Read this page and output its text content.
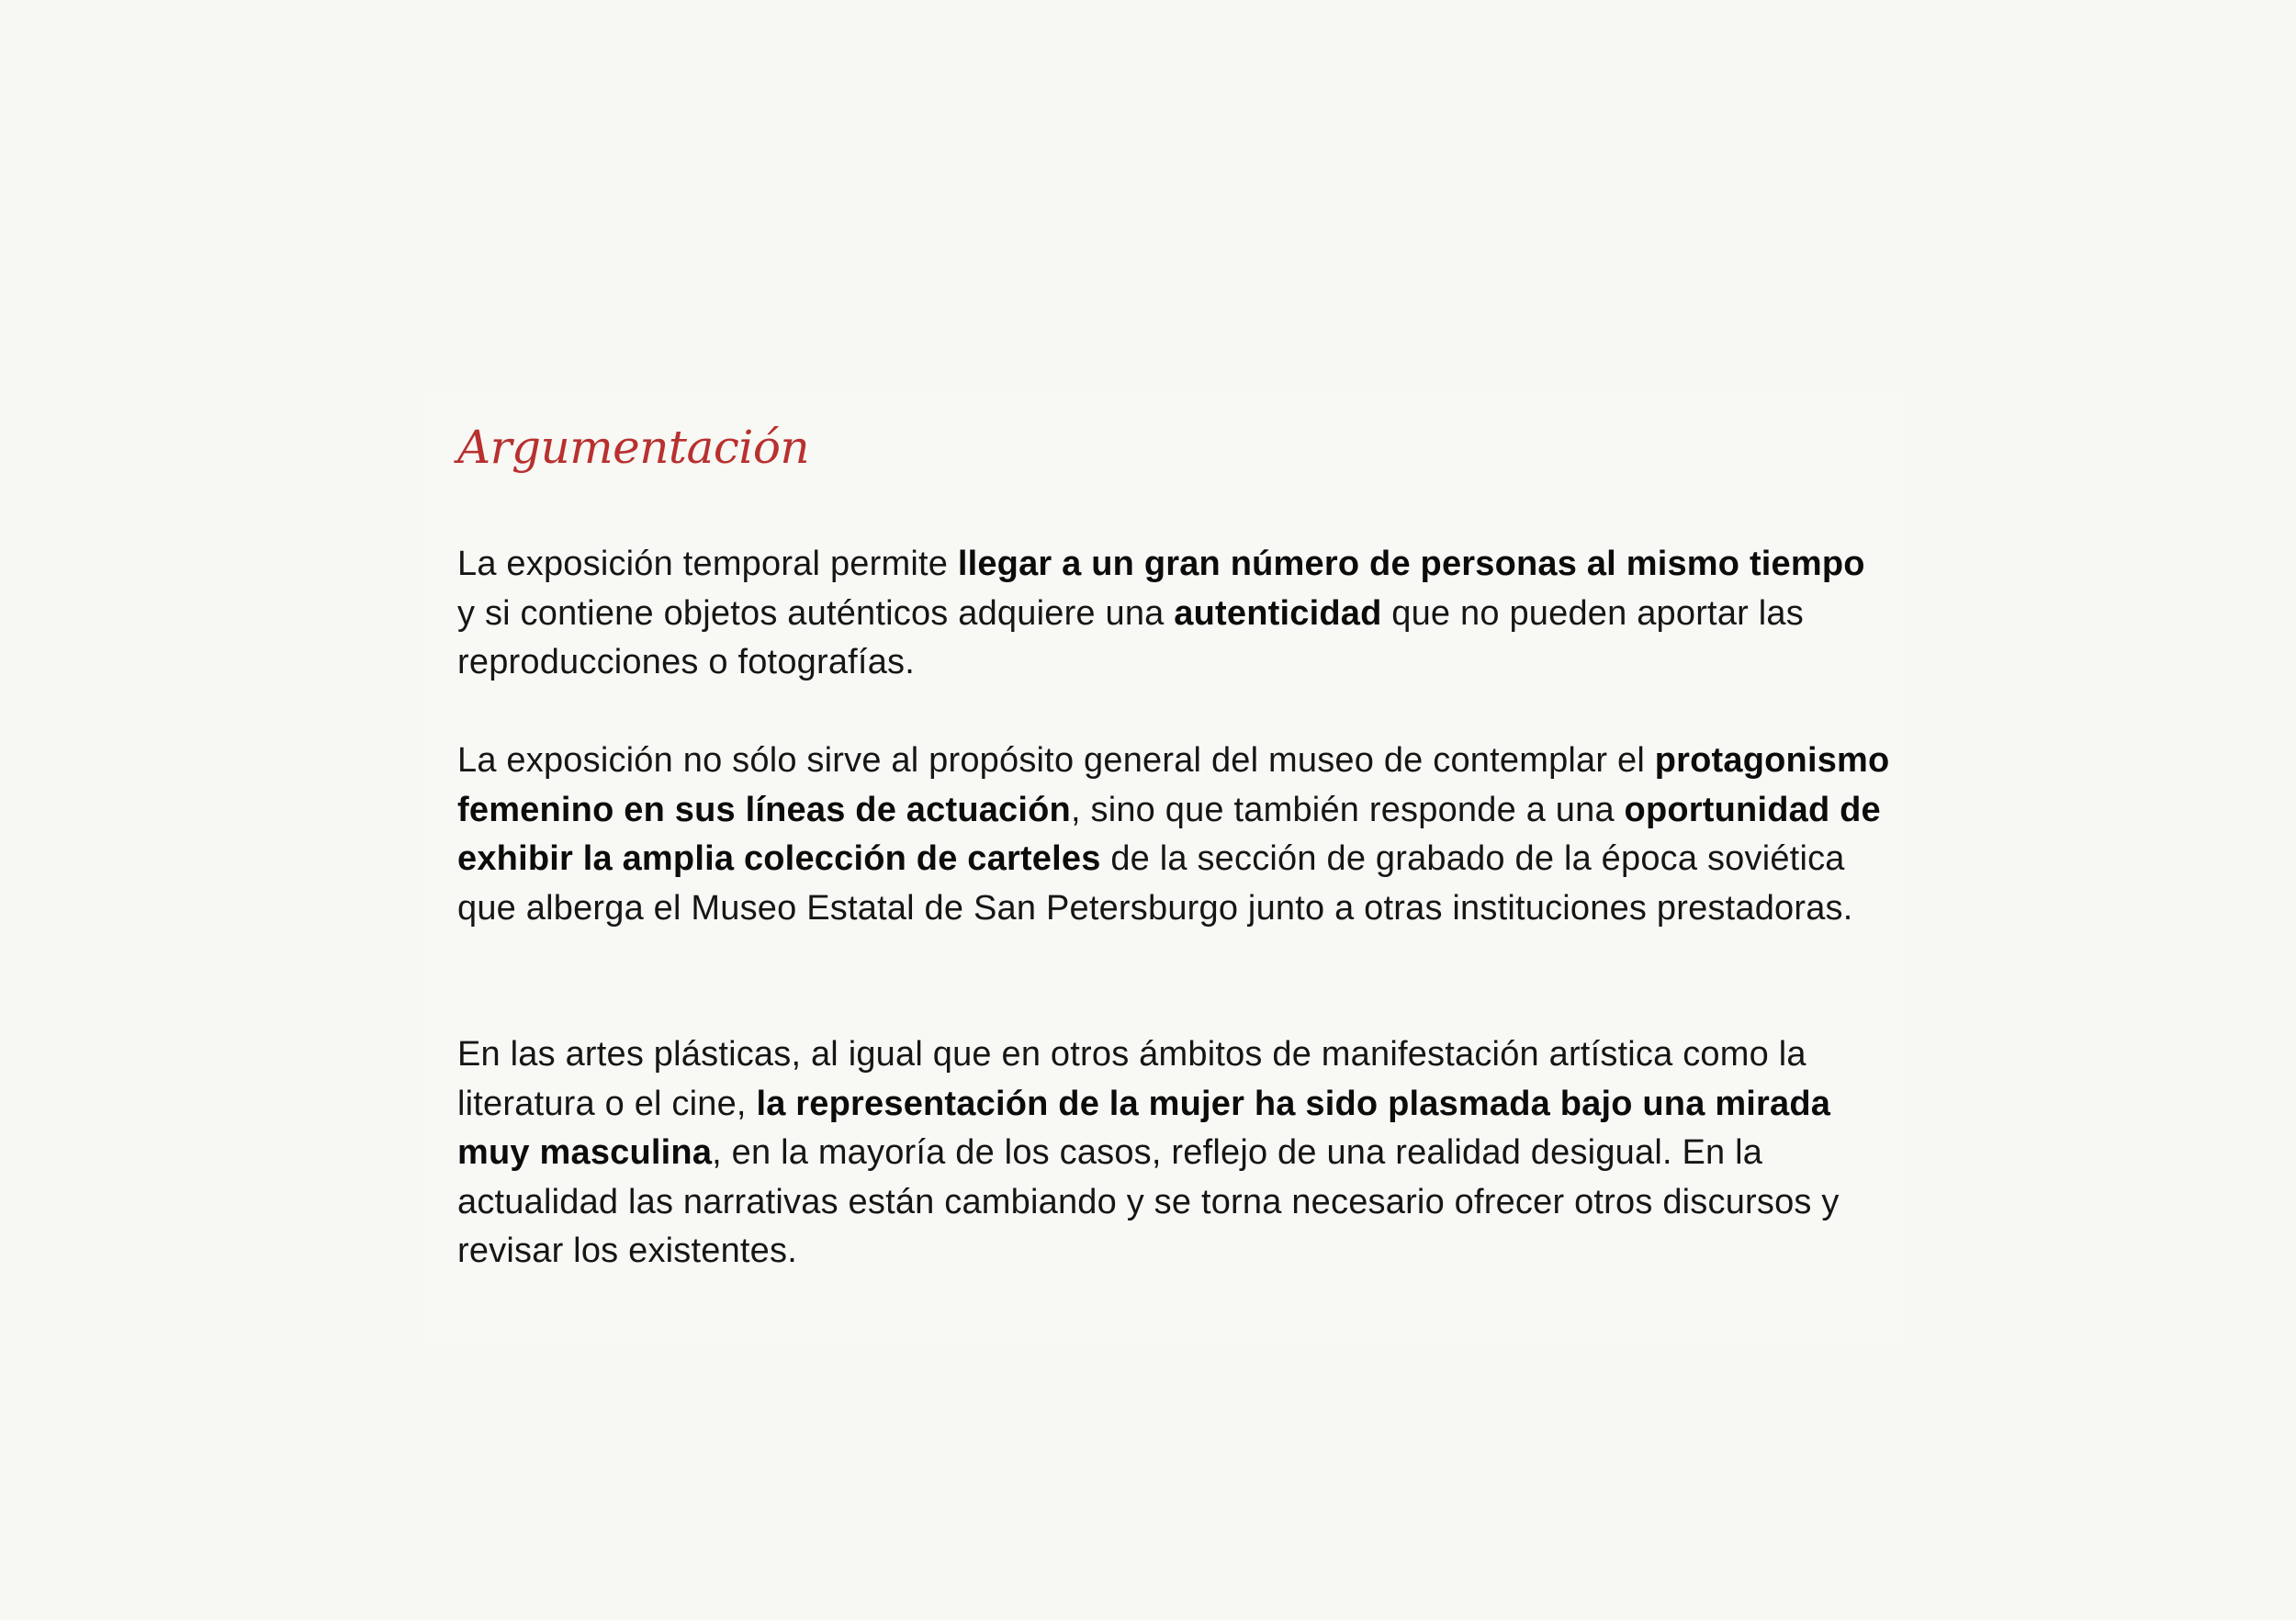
Argumentación

La exposición temporal permite llegar a un gran número de personas al mismo tiempo y si contiene objetos auténticos adquiere una autenticidad que no pueden aportar las reproducciones o fotografías.

La exposición no sólo sirve al propósito general del museo de contemplar el protagonismo femenino en sus líneas de actuación, sino que también responde a una oportunidad de exhibir la amplia colección de carteles de la sección de grabado de la época soviética que alberga el Museo Estatal de San Petersburgo junto a otras instituciones prestadoras.

En las artes plásticas, al igual que en otros ámbitos de manifestación artística como la literatura o el cine, la representación de la mujer ha sido plasmada bajo una mirada muy masculina, en la mayoría de los casos, reflejo de una realidad desigual. En la actualidad las narrativas están cambiando y se torna necesario ofrecer otros discursos y revisar los existentes.
